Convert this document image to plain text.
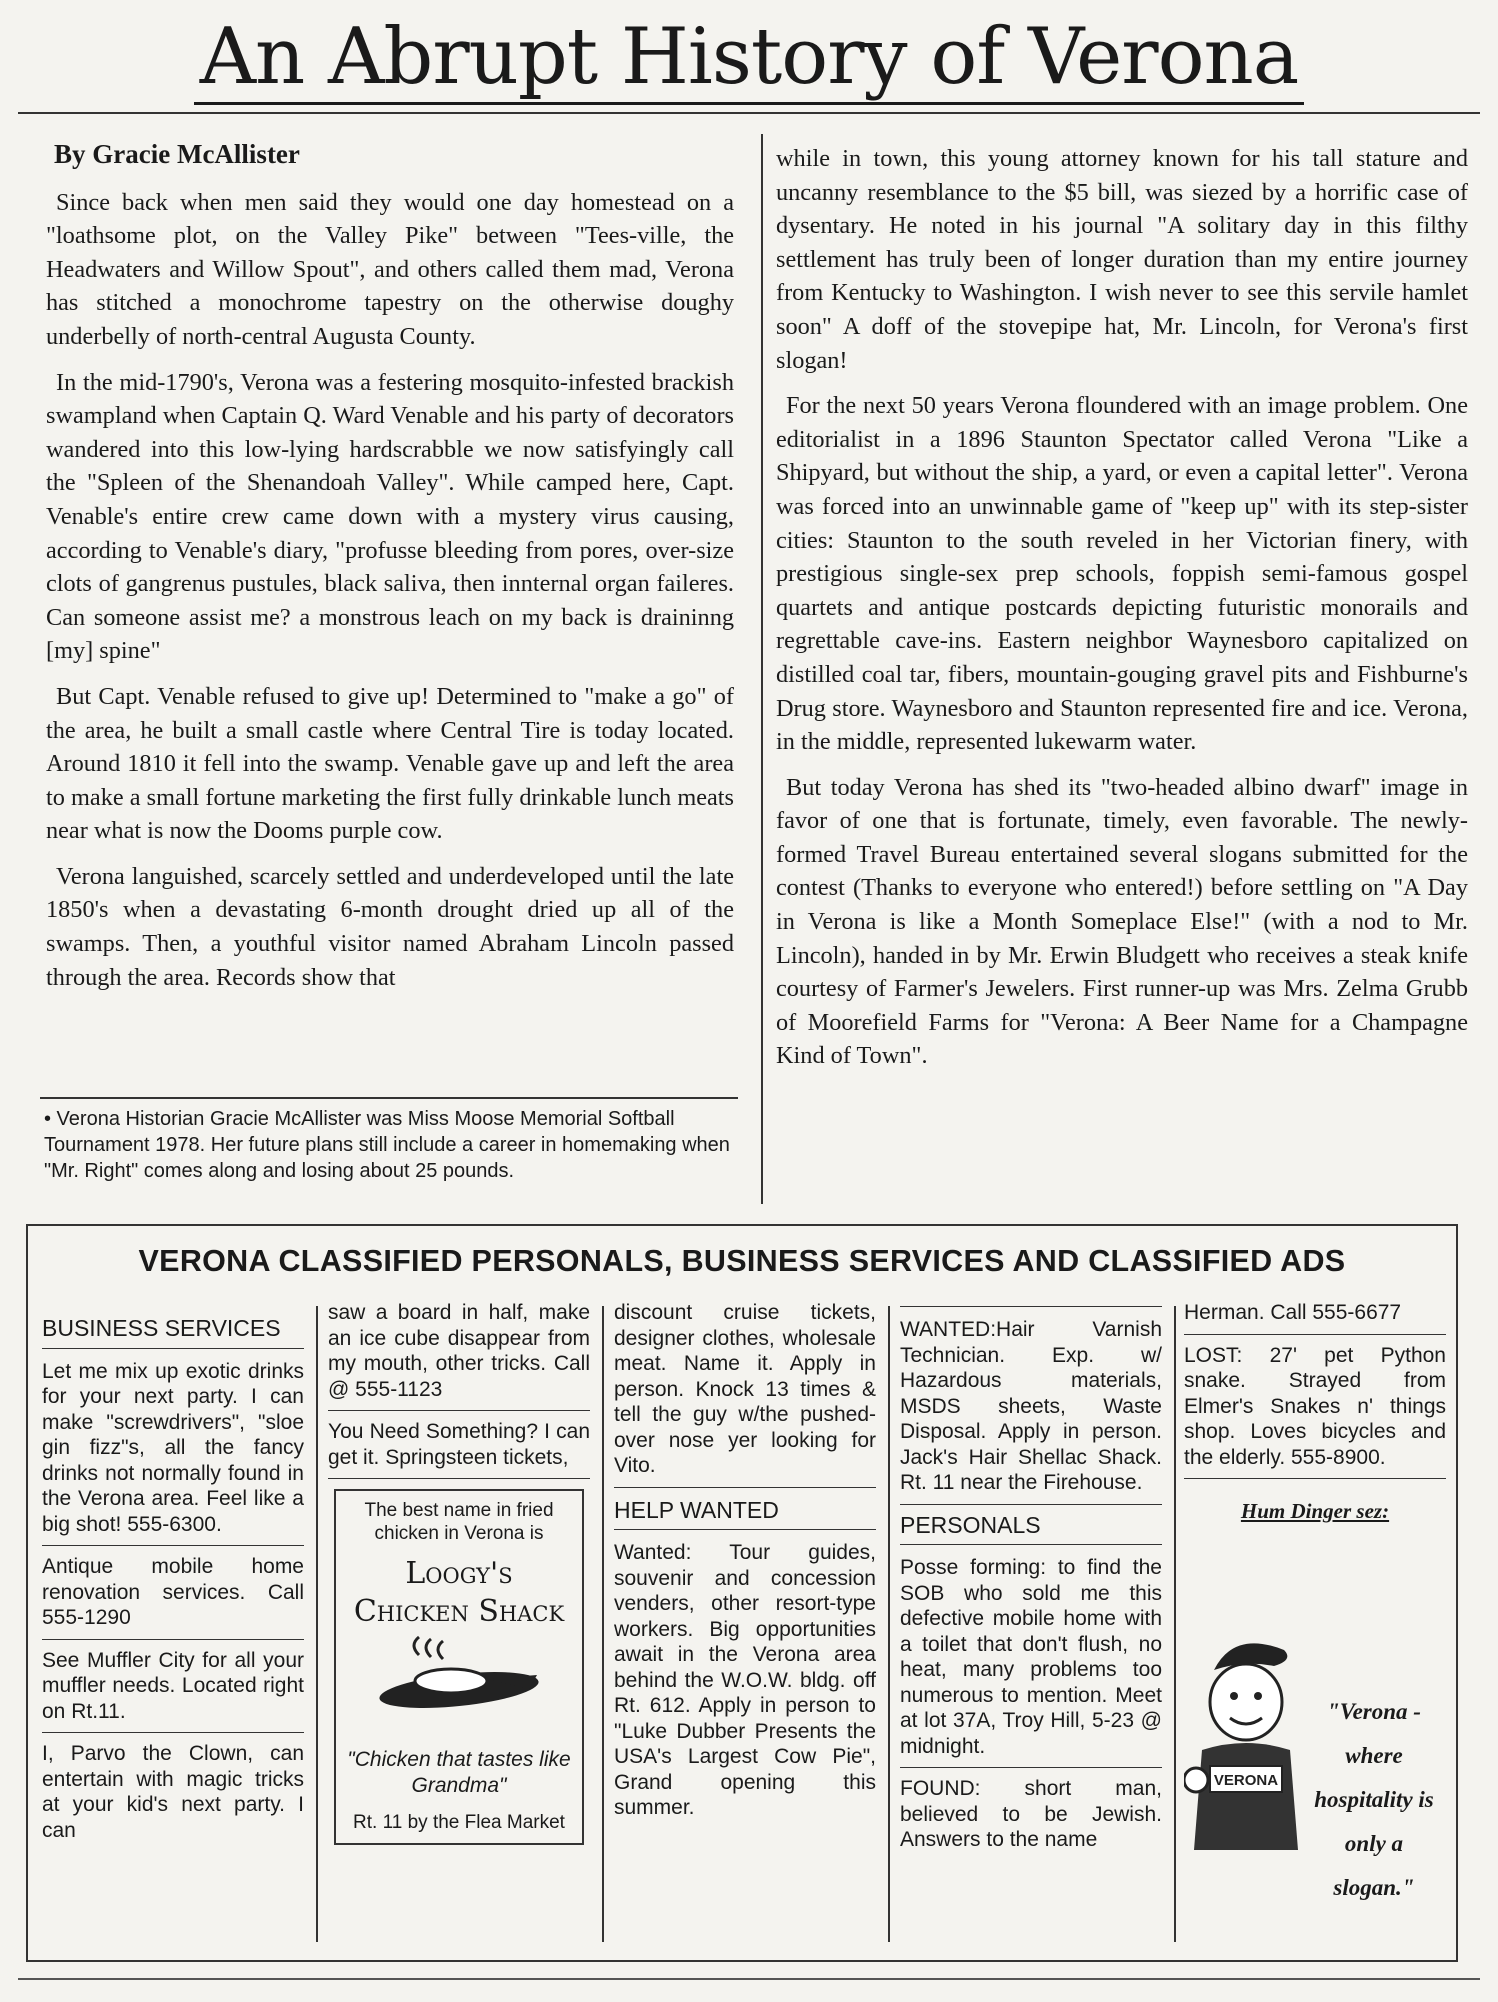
An Abrupt History of Verona
By Gracie McAllister

Since back when men said they would one day homestead on a "loathsome plot, on the Valley Pike" between "Tees-ville, the Headwaters and Willow Spout", and others called them mad, Verona has stitched a monochrome tapestry on the otherwise doughy underbelly of north-central Augusta County.

In the mid-1790's, Verona was a festering mosquito-infested brackish swampland when Captain Q. Ward Venable and his party of decorators wandered into this low-lying hardscrabble we now satisfyingly call the "Spleen of the Shenandoah Valley". While camped here, Capt. Venable's entire crew came down with a mystery virus causing, according to Venable's diary, "profusse bleeding from pores, over-size clots of gangrenus pustules, black saliva, then innternal organ faileres. Can someone assist me? a monstrous leach on my back is draininng [my] spine"

But Capt. Venable refused to give up! Determined to "make a go" of the area, he built a small castle where Central Tire is today located. Around 1810 it fell into the swamp. Venable gave up and left the area to make a small fortune marketing the first fully drinkable lunch meats near what is now the Dooms purple cow.

Verona languished, scarcely settled and underdeveloped until the late 1850's when a devastating 6-month drought dried up all of the swamps. Then, a youthful visitor named Abraham Lincoln passed through the area. Records show that

while in town, this young attorney known for his tall stature and uncanny resemblance to the $5 bill, was siezed by a horrific case of dysentary. He noted in his journal "A solitary day in this filthy settlement has truly been of longer duration than my entire journey from Kentucky to Washington. I wish never to see this servile hamlet soon" A doff of the stovepipe hat, Mr. Lincoln, for Verona's first slogan!

For the next 50 years Verona floundered with an image problem. One editorialist in a 1896 Staunton Spectator called Verona "Like a Shipyard, but without the ship, a yard, or even a capital letter". Verona was forced into an unwinnable game of "keep up" with its step-sister cities: Staunton to the south reveled in her Victorian finery, with prestigious single-sex prep schools, foppish semi-famous gospel quartets and antique postcards depicting futuristic monorails and regrettable cave-ins. Eastern neighbor Waynesboro capitalized on distilled coal tar, fibers, mountain-gouging gravel pits and Fishburne's Drug store. Waynesboro and Staunton represented fire and ice. Verona, in the middle, represented lukewarm water.

But today Verona has shed its "two-headed albino dwarf" image in favor of one that is fortunate, timely, even favorable. The newly-formed Travel Bureau entertained several slogans submitted for the contest (Thanks to everyone who entered!) before settling on "A Day in Verona is like a Month Someplace Else!" (with a nod to Mr. Lincoln), handed in by Mr. Erwin Bludgett who receives a steak knife courtesy of Farmer's Jewelers. First runner-up was Mrs. Zelma Grubb of Moorefield Farms for "Verona: A Beer Name for a Champagne Kind of Town".

• Verona Historian Gracie McAllister was Miss Moose Memorial Softball Tournament 1978. Her future plans still include a career in homemaking when "Mr. Right" comes along and losing about 25 pounds.
VERONA CLASSIFIED PERSONALS, BUSINESS SERVICES AND CLASSIFIED ADS
BUSINESS SERVICES
Let me mix up exotic drinks for your next party. I can make "screwdrivers", "sloe gin fizz"s, all the fancy drinks not normally found in the Verona area. Feel like a big shot! 555-6300.
Antique mobile home renovation services. Call 555-1290
See Muffler City for all your muffler needs. Located right on Rt.11.
I, Parvo the Clown, can entertain with magic tricks at your kid's next party. I can
saw a board in half, make an ice cube disappear from my mouth, other tricks. Call @ 555-1123
You Need Something? I can get it. Springsteen tickets,
The best name in fried chicken in Verona is
Loogy's Chicken Shack
"Chicken that tastes like Grandma"
Rt. 11 by the Flea Market
discount cruise tickets, designer clothes, wholesale meat. Name it. Apply in person. Knock 13 times & tell the guy w/the pushed-over nose yer looking for Vito.
HELP WANTED
Wanted: Tour guides, souvenir and concession venders, other resort-type workers. Big opportunities await in the Verona area behind the W.O.W. bldg. off Rt. 612. Apply in person to "Luke Dubber Presents the USA's Largest Cow Pie", Grand opening this summer.
WANTED:Hair Varnish Technician. Exp. w/ Hazardous materials, MSDS sheets, Waste Disposal. Apply in person. Jack's Hair Shellac Shack. Rt. 11 near the Firehouse.
PERSONALS
Posse forming: to find the SOB who sold me this defective mobile home with a toilet that don't flush, no heat, many problems too numerous to mention. Meet at lot 37A, Troy Hill, 5-23 @ midnight.
FOUND: short man, believed to be Jewish. Answers to the name
Herman. Call 555-6677
LOST: 27' pet Python snake. Strayed from Elmer's Snakes n' things shop. Loves bicycles and the elderly. 555-8900.
Hum Dinger sez:
VERONA
"Verona - where hospitality is only a slogan."
